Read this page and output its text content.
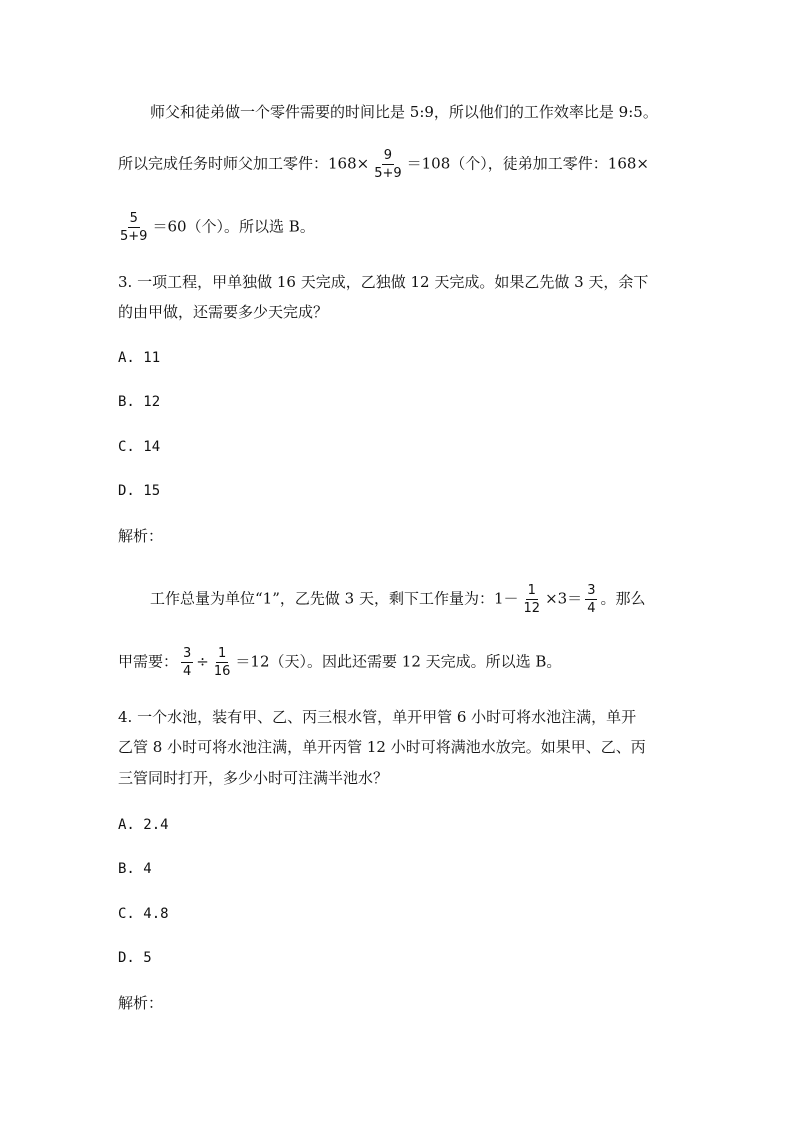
师父和徒弟做一个零件需要的时间比是 5:9，所以他们的工作效率比是 9:5。
所以完成任务时师父加工零件：$168\times \frac{9}{5+9} =108$（个），徒弟加工零件：168×
$\frac{5}{5+9} =60$（个）。所以选 B。
3. 一项工程，甲单独做 16 天完成，乙独做 12 天完成。如果乙先做 3 天，余下
的由甲做，还需要多少天完成？
A. 11
B. 12
C. 14
D. 15
解析：
工作总量为单位“1”，乙先做 3 天，剩下工作量为：$1- \frac{1}{12} \times 3= \frac{3}{4}$ 。那么
甲需要： $\frac{3}{4} \div \frac{1}{16} =12$（天）。因此还需要 12 天完成。所以选 B。
4. 一个水池，装有甲、乙、丙三根水管，单开甲管 6 小时可将水池注满，单开
乙管 8 小时可将水池注满，单开丙管 12 小时可将满池水放完。如果甲、乙、丙
三管同时打开，多少小时可注满半池水？
A. 2.4
B. 4
C. 4.8
D. 5
解析：
